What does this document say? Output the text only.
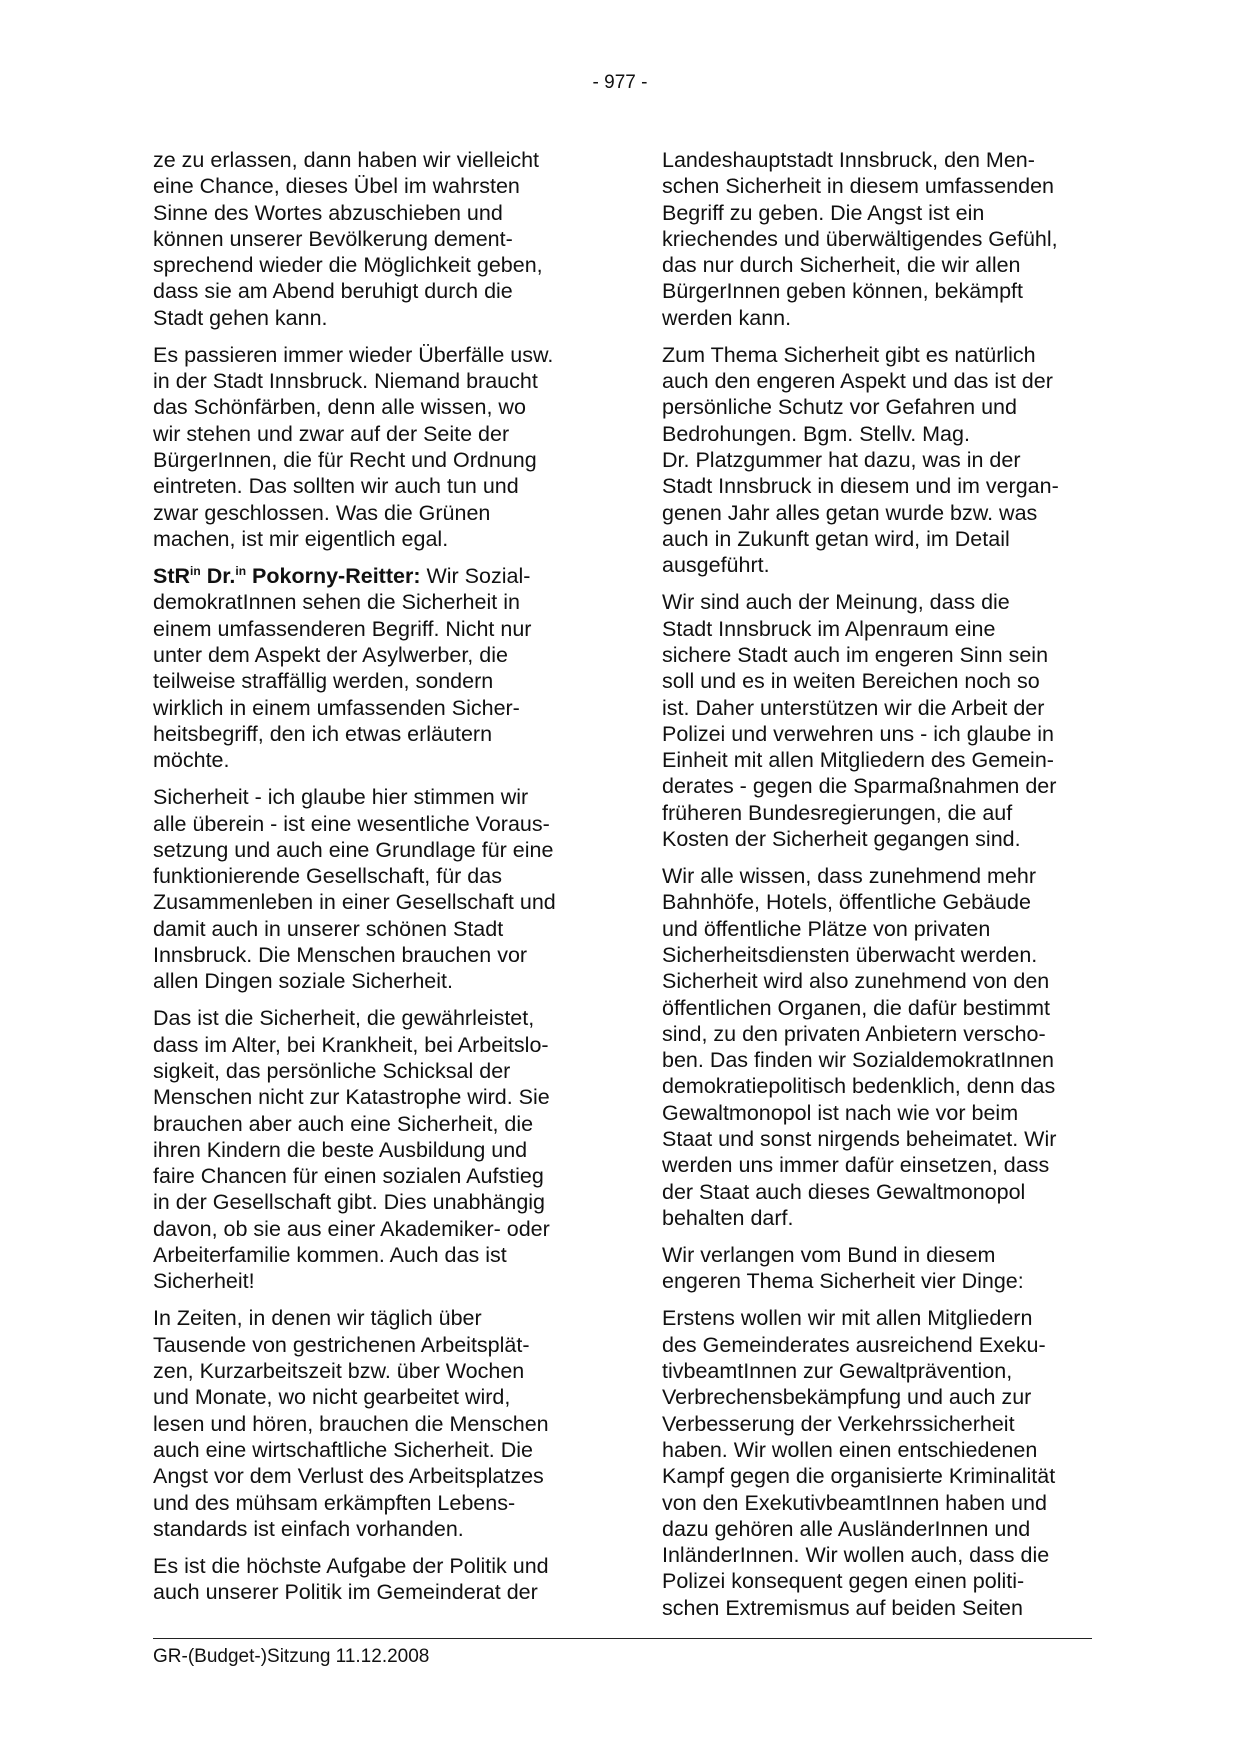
- 977 -
ze zu erlassen, dann haben wir vielleicht
eine Chance, dieses Übel im wahrsten
Sinne des Wortes abzuschieben und
können unserer Bevölkerung dement-
sprechend wieder die Möglichkeit geben,
dass sie am Abend beruhigt durch die
Stadt gehen kann.
Es passieren immer wieder Überfälle usw.
in der Stadt Innsbruck. Niemand braucht
das Schönfärben, denn alle wissen, wo
wir stehen und zwar auf der Seite der
BürgerInnen, die für Recht und Ordnung
eintreten. Das sollten wir auch tun und
zwar geschlossen. Was die Grünen
machen, ist mir eigentlich egal.
StR$^{in}$ Dr.$^{in}$ Pokorny-Reitter: Wir Sozial-
demokratInnen sehen die Sicherheit in
einem umfassenderen Begriff. Nicht nur
unter dem Aspekt der Asylwerber, die
teilweise straffällig werden, sondern
wirklich in einem umfassenden Sicher-
heitsbegriff, den ich etwas erläutern
möchte.
Sicherheit - ich glaube hier stimmen wir
alle überein - ist eine wesentliche Voraus-
setzung und auch eine Grundlage für eine
funktionierende Gesellschaft, für das
Zusammenleben in einer Gesellschaft und
damit auch in unserer schönen Stadt
Innsbruck. Die Menschen brauchen vor
allen Dingen soziale Sicherheit.
Das ist die Sicherheit, die gewährleistet,
dass im Alter, bei Krankheit, bei Arbeitslo-
sigkeit, das persönliche Schicksal der
Menschen nicht zur Katastrophe wird. Sie
brauchen aber auch eine Sicherheit, die
ihren Kindern die beste Ausbildung und
faire Chancen für einen sozialen Aufstieg
in der Gesellschaft gibt. Dies unabhängig
davon, ob sie aus einer Akademiker- oder
Arbeiterfamilie kommen. Auch das ist
Sicherheit!
In Zeiten, in denen wir täglich über
Tausende von gestrichenen Arbeitsplät-
zen, Kurzarbeitszeit bzw. über Wochen
und Monate, wo nicht gearbeitet wird,
lesen und hören, brauchen die Menschen
auch eine wirtschaftliche Sicherheit. Die
Angst vor dem Verlust des Arbeitsplatzes
und des mühsam erkämpften Lebens-
standards ist einfach vorhanden.
Es ist die höchste Aufgabe der Politik und
auch unserer Politik im Gemeinderat der
Landeshauptstadt Innsbruck, den Men-
schen Sicherheit in diesem umfassenden
Begriff zu geben. Die Angst ist ein
kriechendes und überwältigendes Gefühl,
das nur durch Sicherheit, die wir allen
BürgerInnen geben können, bekämpft
werden kann.
Zum Thema Sicherheit gibt es natürlich
auch den engeren Aspekt und das ist der
persönliche Schutz vor Gefahren und
Bedrohungen. Bgm. Stellv. Mag.
Dr. Platzgummer hat dazu, was in der
Stadt Innsbruck in diesem und im vergan-
genen Jahr alles getan wurde bzw. was
auch in Zukunft getan wird, im Detail
ausgeführt.
Wir sind auch der Meinung, dass die
Stadt Innsbruck im Alpenraum eine
sichere Stadt auch im engeren Sinn sein
soll und es in weiten Bereichen noch so
ist. Daher unterstützen wir die Arbeit der
Polizei und verwehren uns - ich glaube in
Einheit mit allen Mitgliedern des Gemein-
derates - gegen die Sparmaßnahmen der
früheren Bundesregierungen, die auf
Kosten der Sicherheit gegangen sind.
Wir alle wissen, dass zunehmend mehr
Bahnhöfe, Hotels, öffentliche Gebäude
und öffentliche Plätze von privaten
Sicherheitsdiensten überwacht werden.
Sicherheit wird also zunehmend von den
öffentlichen Organen, die dafür bestimmt
sind, zu den privaten Anbietern verscho-
ben. Das finden wir SozialdemokratInnen
demokratiepolitisch bedenklich, denn das
Gewaltmonopol ist nach wie vor beim
Staat und sonst nirgends beheimatet. Wir
werden uns immer dafür einsetzen, dass
der Staat auch dieses Gewaltmonopol
behalten darf.
Wir verlangen vom Bund in diesem
engeren Thema Sicherheit vier Dinge:
Erstens wollen wir mit allen Mitgliedern
des Gemeinderates ausreichend Exeku-
tivbeamtInnen zur Gewaltprävention,
Verbrechensbekämpfung und auch zur
Verbesserung der Verkehrssicherheit
haben. Wir wollen einen entschiedenen
Kampf gegen die organisierte Kriminalität
von den ExekutivbeamtInnen haben und
dazu gehören alle AusländerInnen und
InländerInnen. Wir wollen auch, dass die
Polizei konsequent gegen einen politi-
schen Extremismus auf beiden Seiten
GR-(Budget-)Sitzung 11.12.2008
